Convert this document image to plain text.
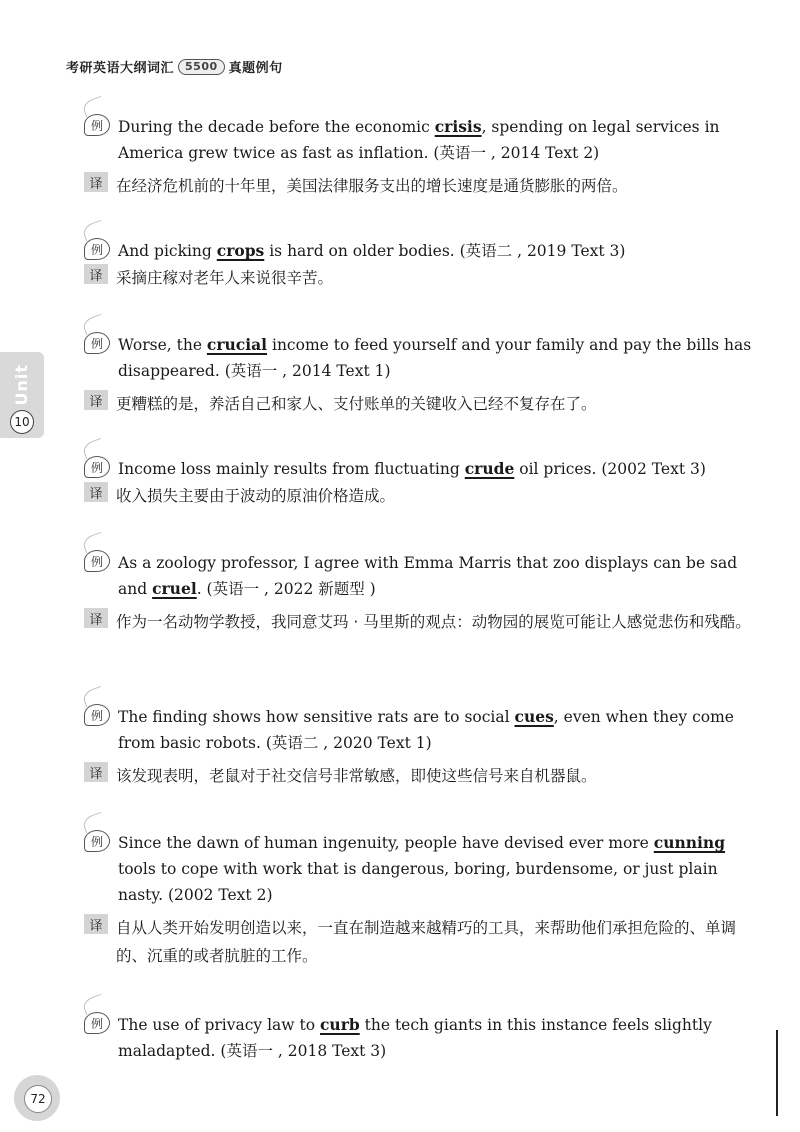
考研英语大纲词汇	5500 真题例句
Unit
10
例 During the decade before the economic crisis, spending on legal services in America grew twice as fast as inflation. (英语一 , 2014 Text 2)
译 在经济危机前的十年里，美国法律服务支出的增长速度是通货膨胀的两倍。
例 And picking crops is hard on older bodies. (英语二 , 2019 Text 3)
译 采摘庄稼对老年人来说很辛苦。
例 Worse, the crucial income to feed yourself and your family and pay the bills has disappeared. (英语一 , 2014 Text 1)
译 更糟糕的是，养活自己和家人、支付账单的关键收入已经不复存在了。
例 Income loss mainly results from fluctuating crude oil prices. (2002 Text 3)
译 收入损失主要由于波动的原油价格造成。
例 As a zoology professor, I agree with Emma Marris that zoo displays can be sad and cruel. (英语一 , 2022 新题型 )
译 作为一名动物学教授，我同意艾玛 · 马里斯的观点：动物园的展览可能让人感觉悲伤和残酷。
例 The finding shows how sensitive rats are to social cues, even when they come from basic robots. (英语二 , 2020 Text 1)
译 该发现表明，老鼠对于社交信号非常敏感，即使这些信号来自机器鼠。
例 Since the dawn of human ingenuity, people have devised ever more cunning tools to cope with work that is dangerous, boring, burdensome, or just plain nasty. (2002 Text 2)
译 自从人类开始发明创造以来，一直在制造越来越精巧的工具，来帮助他们承担危险的、单调的、沉重的或者肮脏的工作。
例 The use of privacy law to curb the tech giants in this instance feels slightly maladapted. (英语一 , 2018 Text 3)
72
